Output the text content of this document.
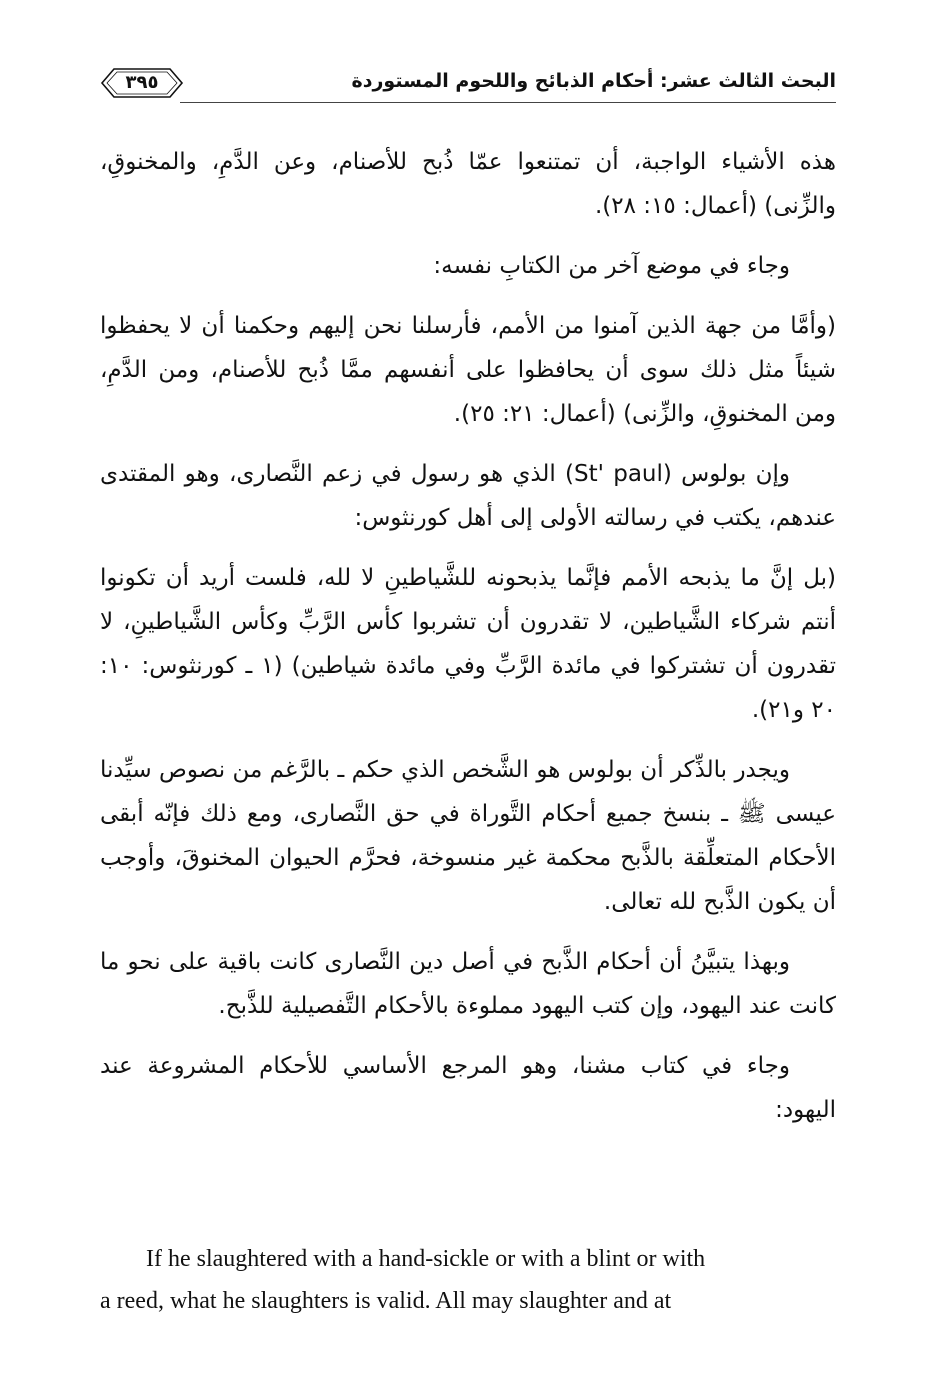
٣٩٥	البحث الثالث عشر: أحكام الذبائح واللحوم المستوردة

هذه الأشياء الواجبة، أن تمتنعوا عمّا ذُبح للأصنام، وعن الدَّمِ، والمخنوقِ، والزِّنى) (أعمال: ١٥: ٢٨).

وجاء في موضع آخر من الكتابِ نفسه:

(وأمَّا من جهة الذين آمنوا من الأمم، فأرسلنا نحن إليهم وحكمنا أن لا يحفظوا شيئاً مثل ذلك سوى أن يحافظوا على أنفسهم ممَّا ذُبح للأصنام، ومن الدَّمِ، ومن المخنوقِ، والزِّنى) (أعمال: ٢١: ٢٥).

وإن بولوس (St' paul) الذي هو رسول في زعم النَّصارى، وهو المقتدى عندهم، يكتب في رسالته الأولى إلى أهل كورنثوس:

(بل إنَّ ما يذبحه الأمم فإنَّما يذبحونه للشَّياطينِ لا لله، فلست أريد أن تكونوا أنتم شركاء الشَّياطين، لا تقدرون أن تشربوا كأس الرَّبِّ وكأس الشَّياطينِ، لا تقدرون أن تشتركوا في مائدة الرَّبِّ وفي مائدة شياطين) (١ ـ كورنثوس: ١٠: ٢٠ و٢١).

ويجدر بالذِّكر أن بولوس هو الشَّخص الذي حكم ـ بالرَّغم من نصوص سيِّدنا عيسى ﷺ ـ بنسخ جميع أحكام التَّوراة في حق النَّصارى، ومع ذلك فإنّه أبقى الأحكام المتعلِّقة بالذَّبح محكمة غير منسوخة، فحرَّم الحيوان المخنوقَ، وأوجب أن يكون الذَّبح لله تعالى.

وبهذا يتبيَّنُ أن أحكام الذَّبح في أصل دين النَّصارى كانت باقية على نحو ما كانت عند اليهود، وإن كتب اليهود مملوءة بالأحكام التَّفصيلية للذَّبح.

وجاء في كتاب مشنا، وهو المرجع الأساسي للأحكام المشروعة عند اليهود:

If he slaughtered with a hand-sickle or with a blint or with
a reed, what he slaughters is valid. All may slaughter and at
